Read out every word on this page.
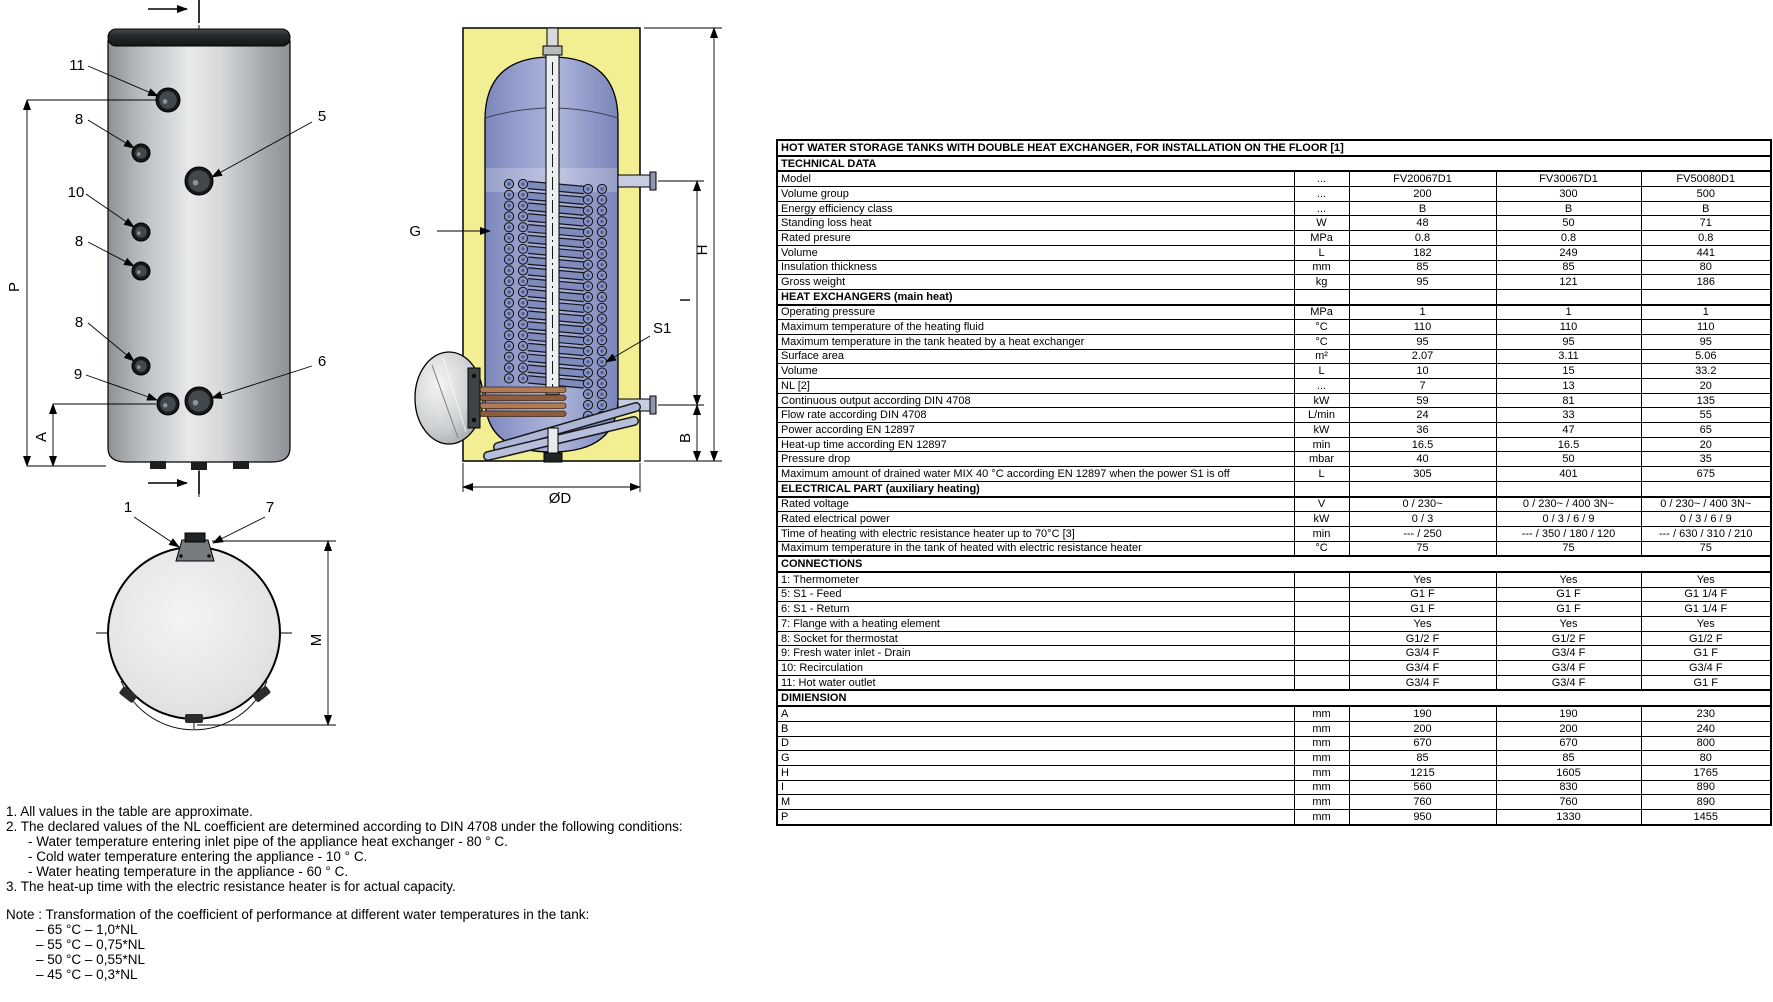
11
8
10
8
8
9
5
6
P
A
G
S1
H
I
B
ØD
1	7
M
HOT WATER STORAGE TANKS WITH DOUBLE HEAT EXCHANGER, FOR INSTALLATION ON THE FLOOR [1]				
TECHNICAL DATA				
Model	...	FV20067D1	FV30067D1	FV50080D1
Volume group	...	200	300	500
Energy efficiency class	...	B	B	B
Standing loss heat	W	48	50	71
Rated presure	MPa	0.8	0.8	0.8
Volume	L	182	249	441
Insulation thickness	mm	85	85	80
Gross weight	kg	95	121	186
HEAT EXCHANGERS (main heat)				
Operating pressure	MPa	1	1	1
Maximum temperature of the heating fluid	°C	110	110	110
Maximum temperature in the tank heated by a heat exchanger	°C	95	95	95
Surface area	m²	2.07	3.11	5.06
Volume	L	10	15	33.2
NL [2]	...	7	13	20
Continuous output according DIN 4708	kW	59	81	135
Flow rate according DIN 4708	L/min	24	33	55
Power according EN 12897	kW	36	47	65
Heat-up time according EN 12897	min	16.5	16.5	20
Pressure drop	mbar	40	50	35
Maximum amount of drained water MIX 40 °C according EN 12897 when the power S1 is off	L	305	401	675
ELECTRICAL PART (auxiliary heating)				
Rated voltage	V	0 / 230~	0 / 230~ / 400 3N~	0 / 230~ / 400 3N~
Rated electrical power	kW	0 / 3	0 / 3 / 6 / 9	0 / 3 / 6 / 9
Time of heating with electric resistance heater up to 70°C [3]	min	--- / 250	--- / 350 / 180 / 120	--- / 630 / 310 / 210
Maximum temperature in the tank of heated with electric resistance heater	°C	75	75	75
CONNECTIONS				
1: Thermometer		Yes	Yes	Yes
5: S1 - Feed		G1 F	G1 F	G1 1/4 F
6: S1 - Return		G1 F	G1 F	G1 1/4 F
7: Flange with a heating element		Yes	Yes	Yes
8: Socket for thermostat		G1/2 F	G1/2 F	G1/2 F
9: Fresh water inlet - Drain		G3/4 F	G3/4 F	G1 F
10: Recirculation		G3/4 F	G3/4 F	G3/4 F
11: Hot water outlet		G3/4 F	G3/4 F	G1 F
DIMIENSION				
A	mm	190	190	230
B	mm	200	200	240
D	mm	670	670	800
G	mm	85	85	80
H	mm	1215	1605	1765
I	mm	560	830	890
M	mm	760	760	890
P	mm	950	1330	1455
1. All values in the table are approximate.
2. The declared values of the NL coefficient are determined according to DIN 4708 under the following conditions:
- Water temperature entering inlet pipe of the appliance heat exchanger - 80 ° C.
- Cold water temperature entering the appliance - 10 ° C.
- Water heating temperature in the appliance - 60 ° C.
3. The heat-up time with the electric resistance heater is for actual capacity.
Note : Transformation of the coefficient of performance at different water temperatures in the tank:
– 65 °C – 1,0*NL
– 55 °C – 0,75*NL
– 50 °C – 0,55*NL
– 45 °C – 0,3*NL
